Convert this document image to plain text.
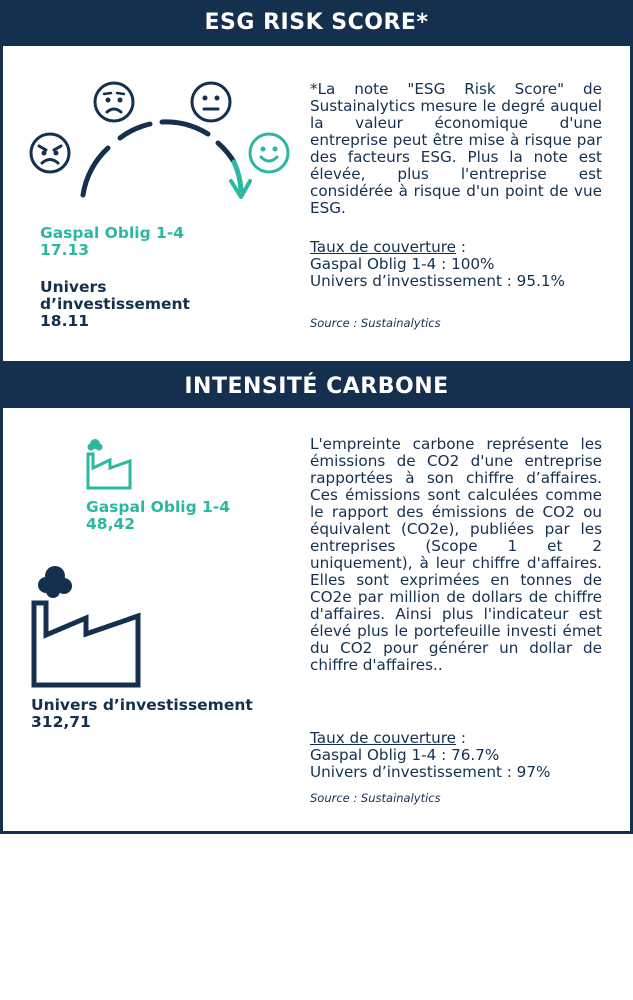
ESG RISK SCORE*
Gaspal Oblig 1-4
17.13
Univers
d’investissement
18.11
*La note "ESG Risk Score" de Sustainalytics mesure le degré auquel la valeur économique d'une entreprise peut être mise à risque par des facteurs ESG. Plus la note est élevée, plus l'entreprise est considérée à risque d'un point de vue ESG.
Taux de couverture :
Gaspal Oblig 1-4 : 100%
Univers d’investissement : 95.1%
Source : Sustainalytics
INTENSITÉ CARBONE
Gaspal Oblig 1-4
48,42
Univers d’investissement
312,71
L'empreinte carbone représente les émissions de CO2 d'une entreprise rapportées à son chiffre d’affaires. Ces émissions sont calculées comme le rapport des émissions de CO2 ou équivalent (CO2e), publiées par les entreprises (Scope 1 et 2 uniquement), à leur chiffre d'affaires. Elles sont exprimées en tonnes de CO2e par million de dollars de chiffre d'affaires. Ainsi plus l'indicateur est élevé plus le portefeuille investi émet du CO2 pour générer un dollar de chiffre d'affaires..
Taux de couverture :
Gaspal Oblig 1-4 : 76.7%
Univers d’investissement : 97%
Source : Sustainalytics
